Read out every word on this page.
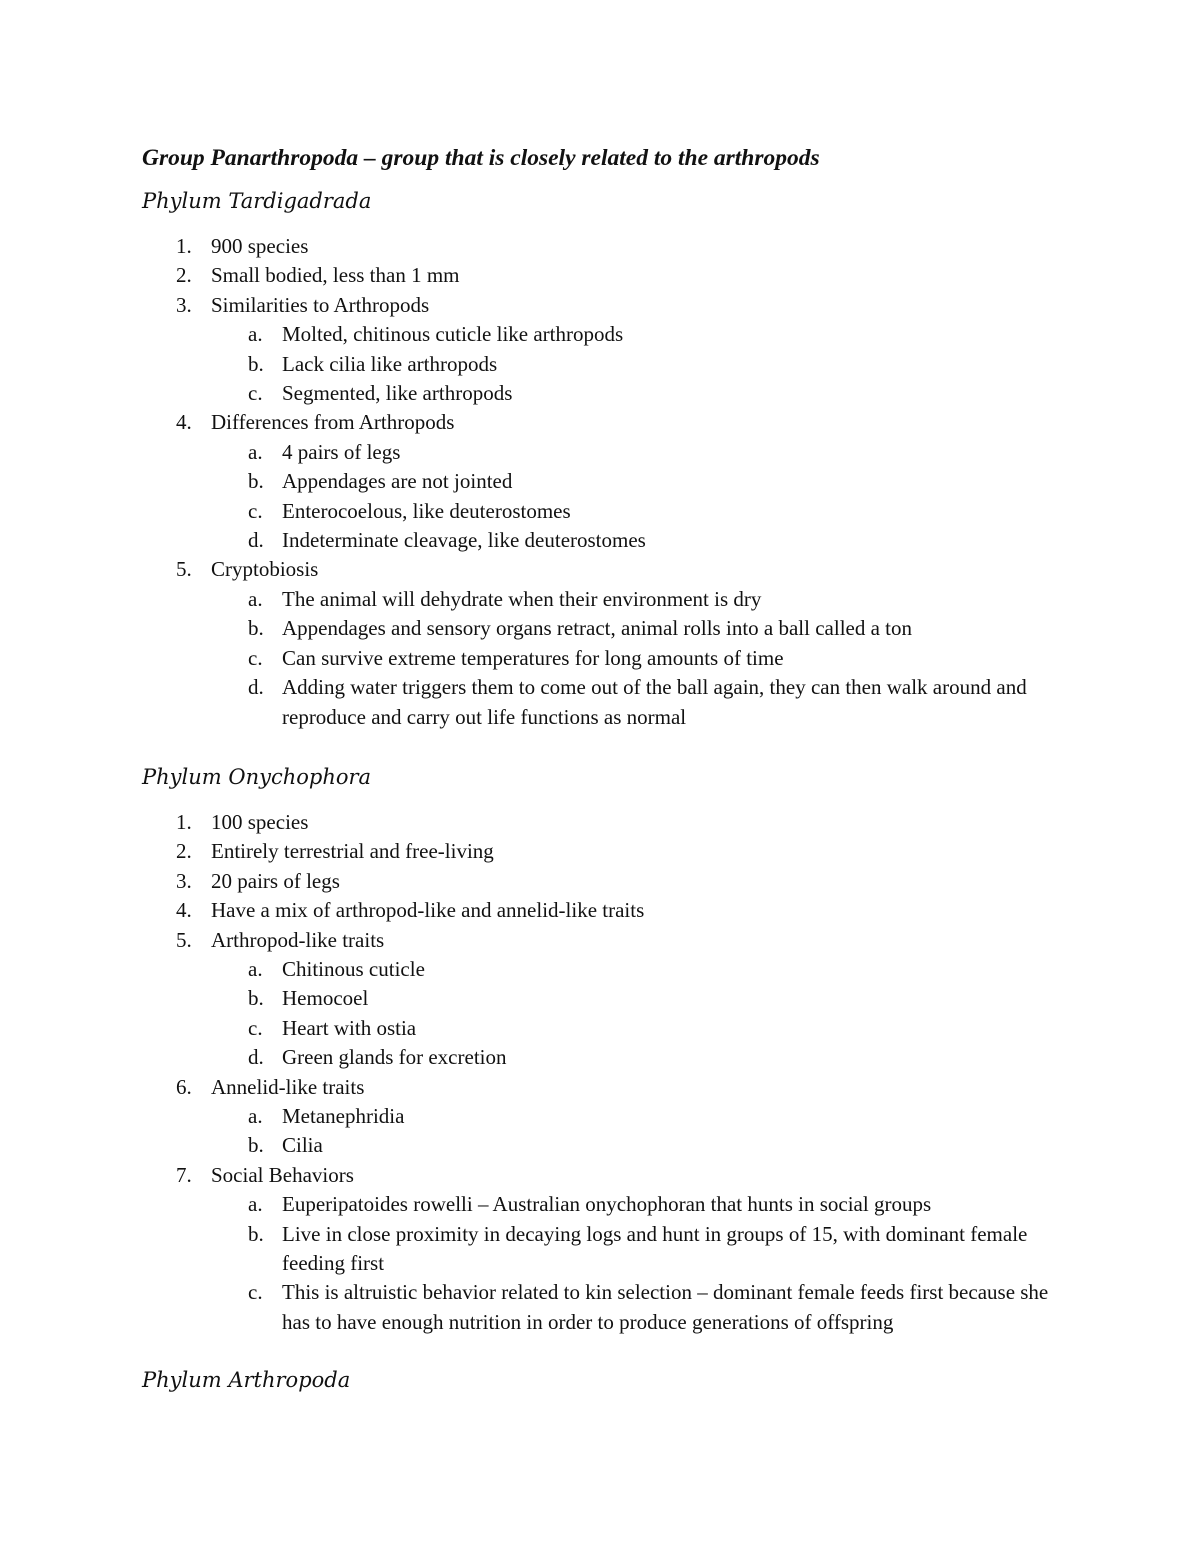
Group Panarthropoda – group that is closely related to the arthropods
Phylum Tardigadrada
1. 900 species
2. Small bodied, less than 1 mm
3. Similarities to Arthropods
a. Molted, chitinous cuticle like arthropods
b. Lack cilia like arthropods
c. Segmented, like arthropods
4. Differences from Arthropods
a. 4 pairs of legs
b. Appendages are not jointed
c. Enterocoelous, like deuterostomes
d. Indeterminate cleavage, like deuterostomes
5. Cryptobiosis
a. The animal will dehydrate when their environment is dry
b. Appendages and sensory organs retract, animal rolls into a ball called a ton
c. Can survive extreme temperatures for long amounts of time
d. Adding water triggers them to come out of the ball again, they can then walk around and reproduce and carry out life functions as normal
Phylum Onychophora
1. 100 species
2. Entirely terrestrial and free-living
3. 20 pairs of legs
4. Have a mix of arthropod-like and annelid-like traits
5. Arthropod-like traits
a. Chitinous cuticle
b. Hemocoel
c. Heart with ostia
d. Green glands for excretion
6. Annelid-like traits
a. Metanephridia
b. Cilia
7. Social Behaviors
a. Euperipatoides rowelli – Australian onychophoran that hunts in social groups
b. Live in close proximity in decaying logs and hunt in groups of 15, with dominant female feeding first
c. This is altruistic behavior related to kin selection – dominant female feeds first because she has to have enough nutrition in order to produce generations of offspring
Phylum Arthropoda
